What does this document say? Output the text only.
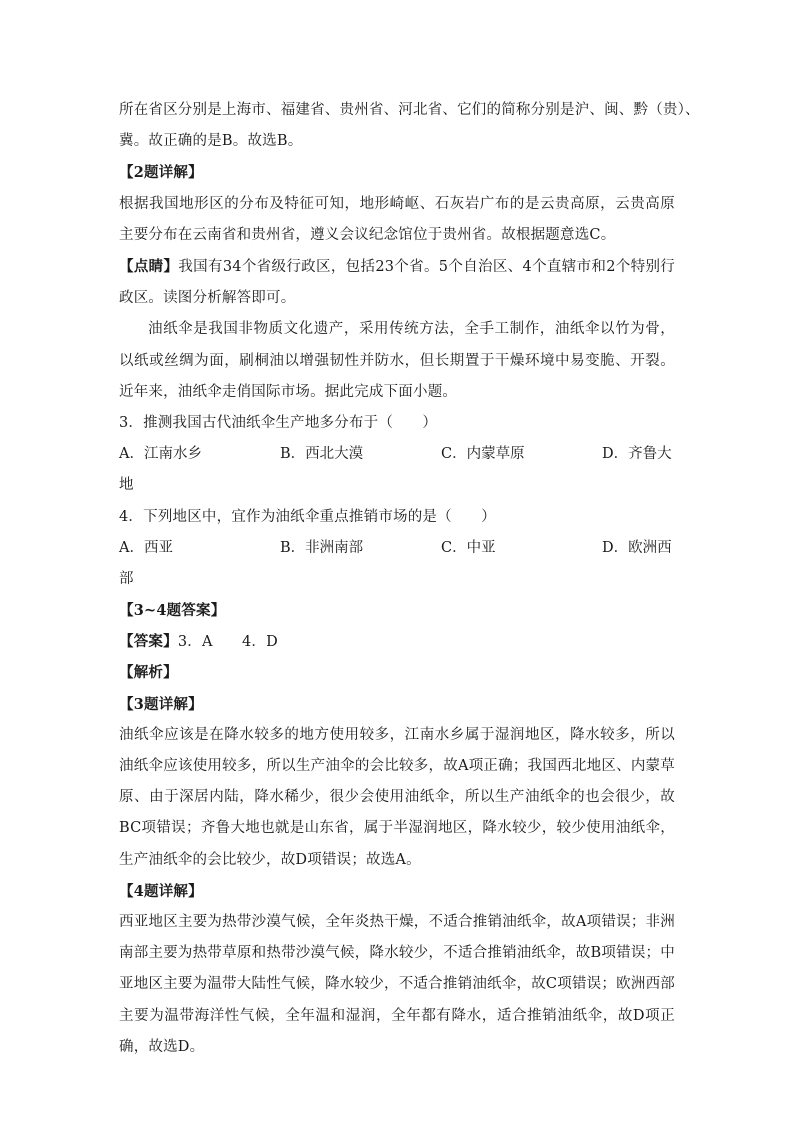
所在省区分别是上海市、福建省、贵州省、河北省、它们的简称分别是沪、闽、黔（贵）、
冀。故正确的是B。故选B。
【2题详解】
根据我国地形区的分布及特征可知，地形崎岖、石灰岩广布的是云贵高原，云贵高原主要分布在云南省和贵州省，遵义会议纪念馆位于贵州省。故根据题意选C。
【点睛】我国有34个省级行政区，包括23个省。5个自治区、4个直辖市和2个特别行政区。读图分析解答即可。
油纸伞是我国非物质文化遗产，采用传统方法，全手工制作，油纸伞以竹为骨，以纸或丝绸为面，刷桐油以增强韧性并防水，但长期置于干燥环境中易变脆、开裂。近年来，油纸伞走俏国际市场。据此完成下面小题。
3．推测我国古代油纸伞生产地多分布于（　　）
A．江南水乡	B．西北大漠	C．内蒙草原	D．齐鲁大
地
4．下列地区中，宜作为油纸伞重点推销市场的是（　　）
A．西亚	B．非洲南部	C．中亚	D．欧洲西
部
【3~4题答案】
【答案】3．A　　4．D
【解析】
【3题详解】
油纸伞应该是在降水较多的地方使用较多，江南水乡属于湿润地区，降水较多，所以油纸伞应该使用较多，所以生产油伞的会比较多，故A项正确；我国西北地区、内蒙草原、由于深居内陆，降水稀少，很少会使用油纸伞，所以生产油纸伞的也会很少，故BC项错误；齐鲁大地也就是山东省，属于半湿润地区，降水较少，较少使用油纸伞，生产油纸伞的会比较少，故D项错误；故选A。
【4题详解】
西亚地区主要为热带沙漠气候，全年炎热干燥，不适合推销油纸伞，故A项错误；非洲南部主要为热带草原和热带沙漠气候，降水较少，不适合推销油纸伞，故B项错误；中亚地区主要为温带大陆性气候，降水较少，不适合推销油纸伞，故C项错误；欧洲西部主要为温带海洋性气候，全年温和湿润，全年都有降水，适合推销油纸伞，故D项正确，故选D。
